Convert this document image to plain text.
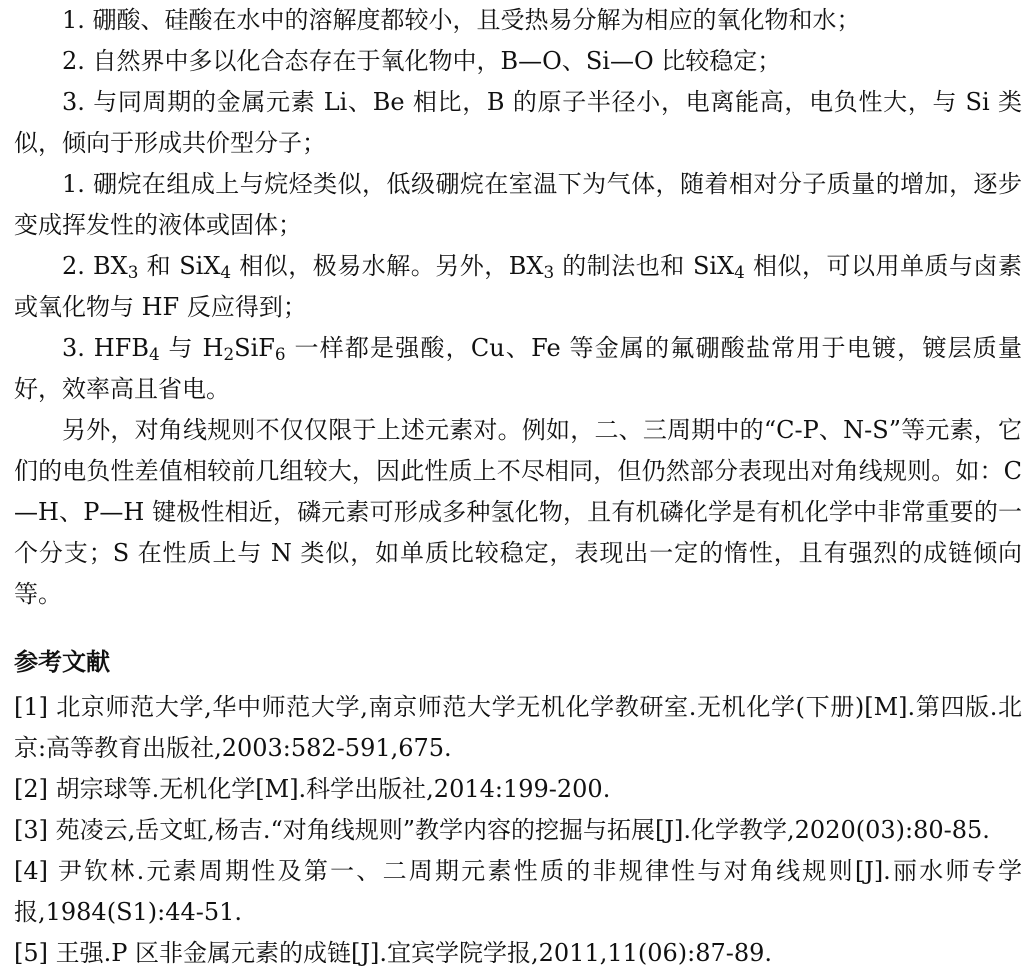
1. 硼酸、硅酸在水中的溶解度都较小，且受热易分解为相应的氧化物和水；

2. 自然界中多以化合态存在于氧化物中，B—O、Si—O 比较稳定；

3. 与同周期的金属元素 Li、Be 相比，B 的原子半径小，电离能高，电负性大，与 Si 类似，倾向于形成共价型分子；

1. 硼烷在组成上与烷烃类似，低级硼烷在室温下为气体，随着相对分子质量的增加，逐步变成挥发性的液体或固体；

2. $BX_3$ 和 SiX$_4$ 相似，极易水解。另外，$BX_3$ 的制法也和 SiX$_4$ 相似，可以用单质与卤素或氧化物与 HF 反应得到；

3. $HFB_4$ 与 $H_2SiF_6$ 一样都是强酸，Cu、Fe 等金属的氟硼酸盐常用于电镀，镀层质量好，效率高且省电。

另外，对角线规则不仅仅限于上述元素对。例如，二、三周期中的“C-P、N-S”等元素，它们的电负性差值相较前几组较大，因此性质上不尽相同，但仍然部分表现出对角线规则。如：C—H、P—H 键极性相近，磷元素可形成多种氢化物，且有机磷化学是有机化学中非常重要的一个分支；S 在性质上与 N 类似，如单质比较稳定，表现出一定的惰性，且有强烈的成链倾向等。

参考文献

[1] 北京师范大学,华中师范大学,南京师范大学无机化学教研室.无机化学(下册)[M].第四版.北京:高等教育出版社,2003:582-591,675.

[2] 胡宗球等.无机化学[M].科学出版社,2014:199-200.

[3] 苑凌云,岳文虹,杨吉.“对角线规则”教学内容的挖掘与拓展[J].化学教学,2020(03):80-85.

[4] 尹钦林.元素周期性及第一、二周期元素性质的非规律性与对角线规则[J].丽水师专学报,1984(S1):44-51.

[5] 王强.P 区非金属元素的成链[J].宜宾学院学报,2011,11(06):87-89.
